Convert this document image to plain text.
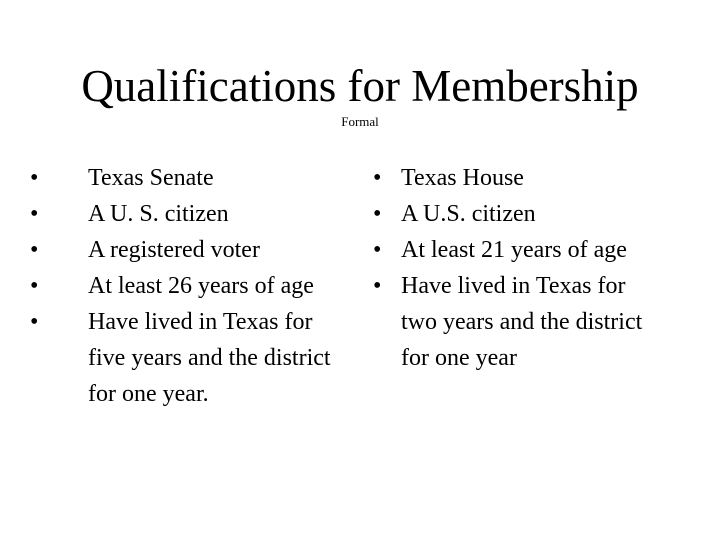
Qualifications for Membership
Formal
• Texas Senate
• A U. S. citizen
• A registered voter
• At least 26 years of age
• Have lived in Texas for five years and the district for one year.
• Texas House
• A U.S. citizen
• At least 21 years of age
• Have lived in Texas for two years and the district for one year
